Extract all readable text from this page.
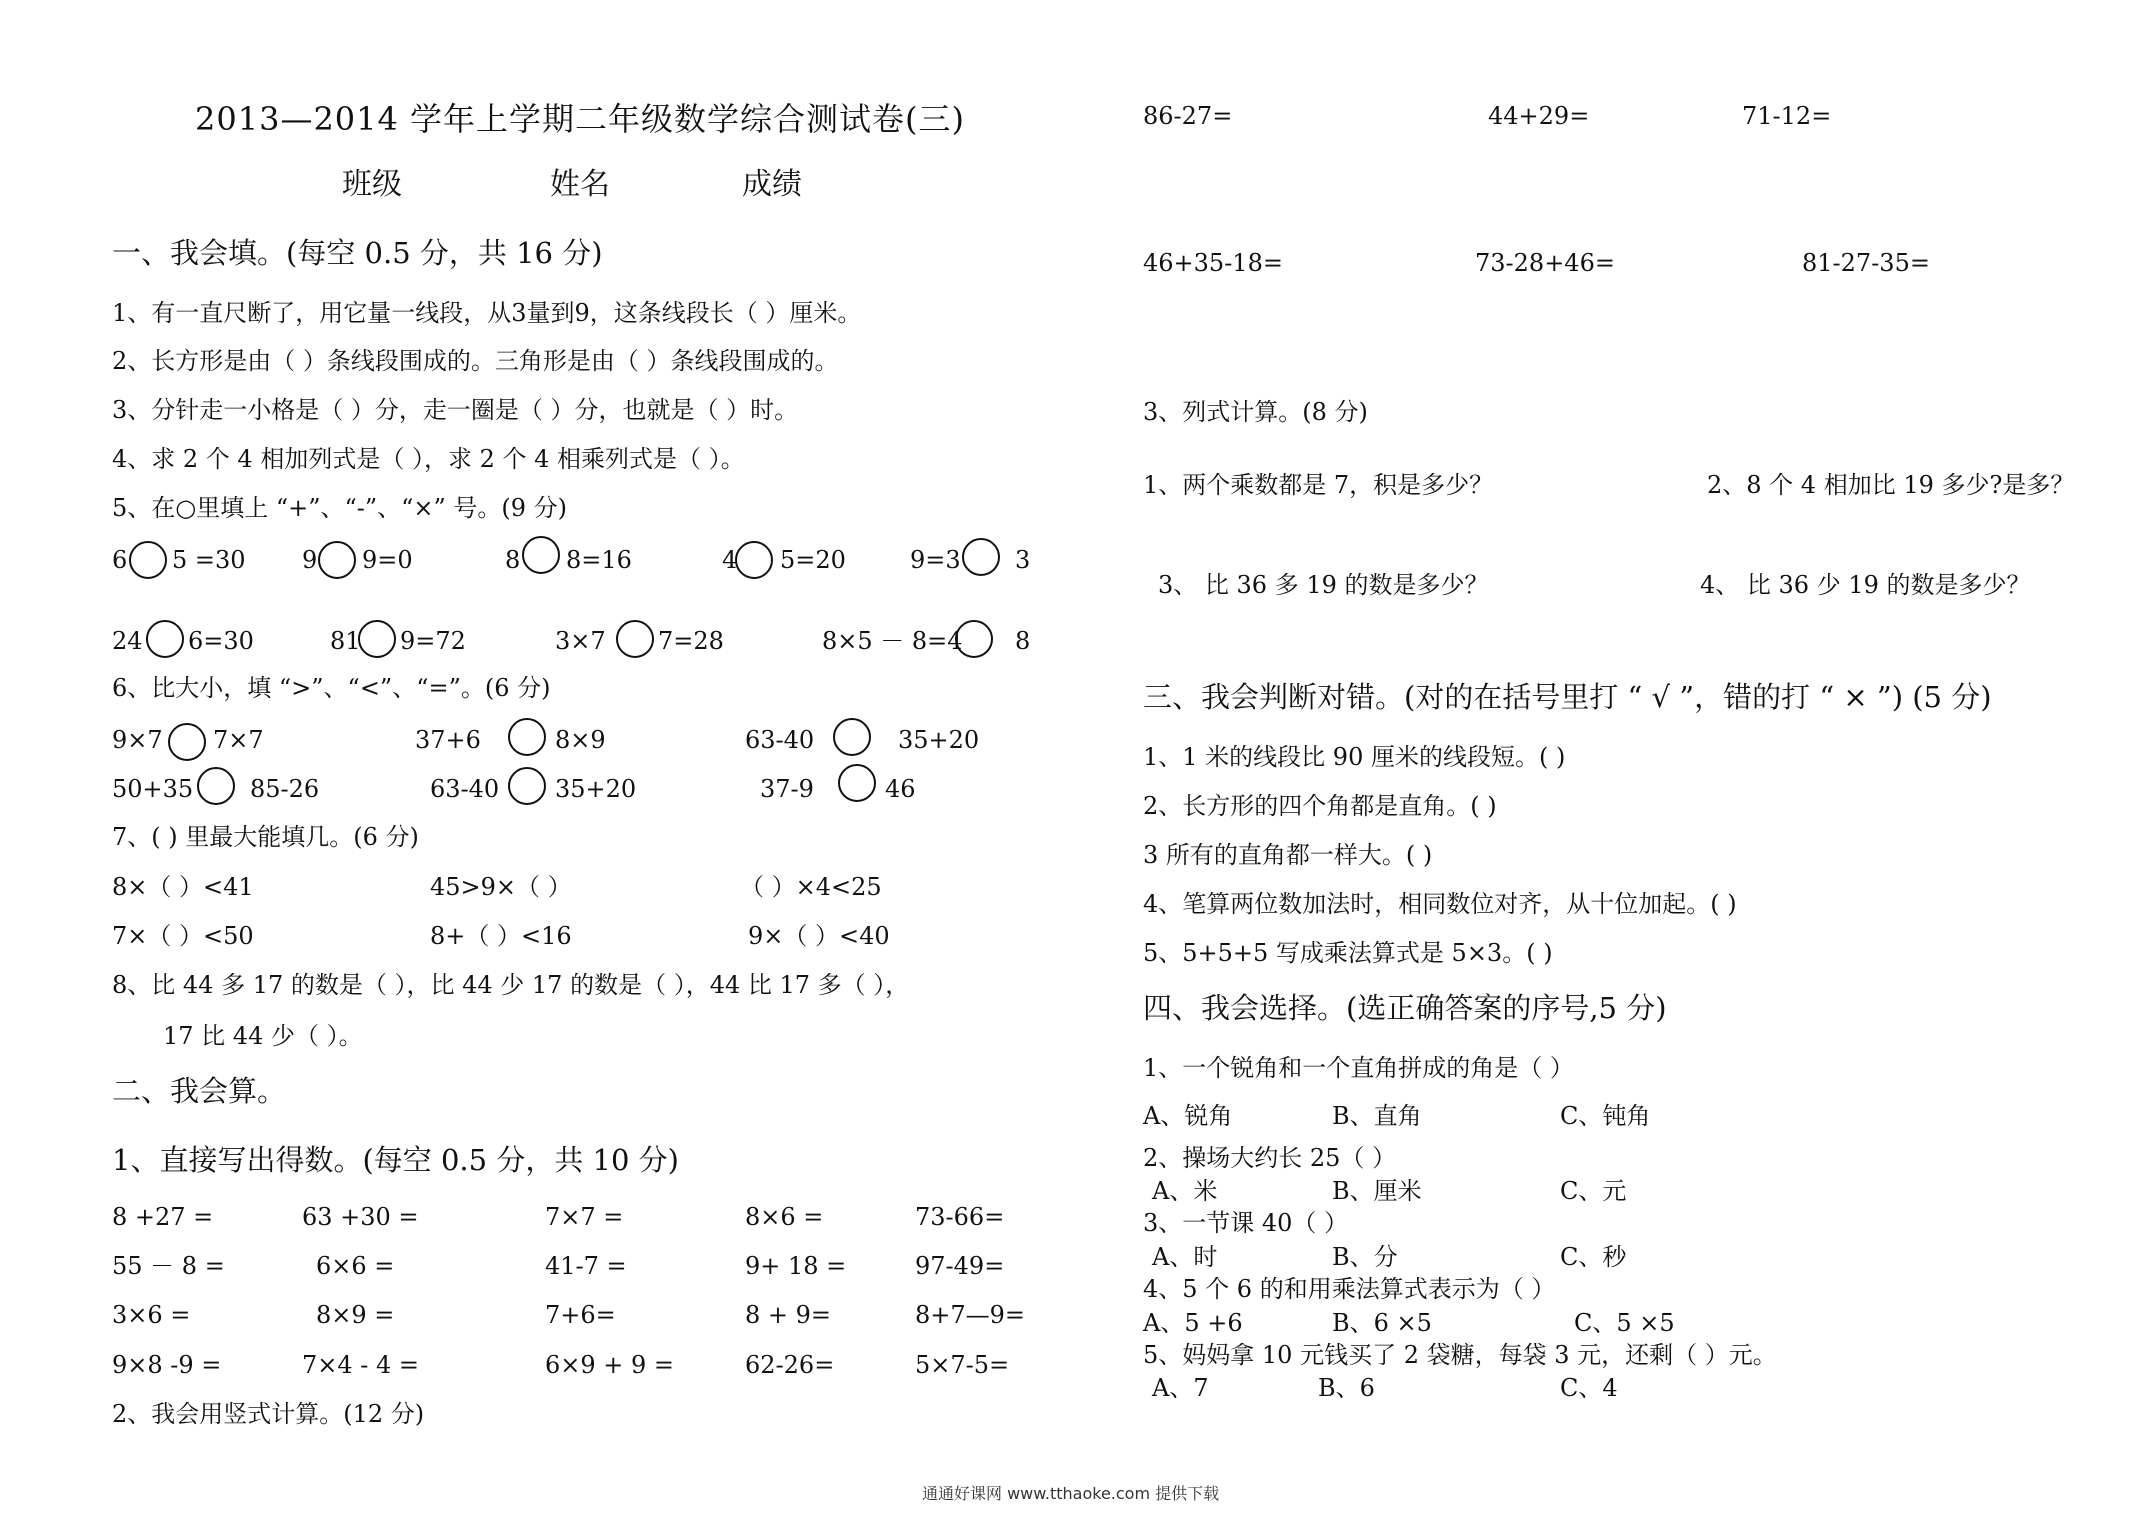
2013—2014 学年上学期二年级数学综合测试卷(三)
班级	姓名	成绩
一、我会填。(每空 0.5 分，共 16 分)
1、有一直尺断了，用它量一线段，从3量到9，这条线段长（ ）厘米。
2、长方形是由（ ）条线段围成的。三角形是由（ ）条线段围成的。
3、分针走一小格是（ ）分，走一圈是（ ）分，也就是（ ）时。
4、求 2 个 4 相加列式是（ ），求 2 个 4 相乘列式是（ ）。
5、在○里填上 “+”、“-”、“×” 号。(9 分)
6 5 =30 9 9=0	8 8=16	4 5=20	9=3 3
24 6=30	81 9=72	3×7 7=28	8×5 － 8=4 8
6、比大小，填 “>”、“<”、“=”。(6 分)
9×7 7×7	37+6	8×9	63-40	35+20
50+35 85-26	63-40 35+20	37-9	46
7、( ) 里最大能填几。(6 分)
8×（ ）<41	45>9×（ ）	（ ）×4<25
7×（ ）<50	8+（ ）<16	9×（ ）<40
8、比 44 多 17 的数是（ ），比 44 少 17 的数是（ ），44 比 17 多（ ），
17 比 44 少（ ）。
二、我会算。
1、直接写出得数。(每空 0.5 分，共 10 分)
8 +27 =	63 +30 =	7×7 =	8×6 =	73-66=
55 － 8 =	6×6 =	41-7 =	9+ 18 =	97-49=
3×6 =	8×9 =	7+6=	8 + 9=	8+7—9=
9×8 -9 =	7×4 - 4 =	6×9 + 9 =	62-26=	5×7-5=
2、我会用竖式计算。(12 分)
86-27=	44+29=	71-12=
46+35-18=	73-28+46=	81-27-35=
3、列式计算。(8 分)
1、两个乘数都是 7，积是多少？	2、8 个 4 相加比 19 多少?是多？
3、 比 36 多 19 的数是多少？	4、 比 36 少 19 的数是多少？
三、我会判断对错。(对的在括号里打 “ √ ”，错的打 “ × ”) (5 分)
1、1 米的线段比 90 厘米的线段短。( )
2、长方形的四个角都是直角。( )
3 所有的直角都一样大。( )
4、笔算两位数加法时，相同数位对齐，从十位加起。( )
5、5+5+5 写成乘法算式是 5×3。( )
四、我会选择。(选正确答案的序号,5 分)
1、一个锐角和一个直角拼成的角是（ ）
A、锐角	B、直角	C、钝角
2、操场大约长 25（ ）
A、米	B、厘米	C、元
3、一节课 40（ ）
A、时	B、分	C、秒
4、5 个 6 的和用乘法算式表示为（ ）
A、5 +6	B、6 ×5	C、5 ×5
5、妈妈拿 10 元钱买了 2 袋糖，每袋 3 元，还剩（ ）元。
A、7	B、6	C、4
通通好课网 www.tthaoke.com 提供下载
